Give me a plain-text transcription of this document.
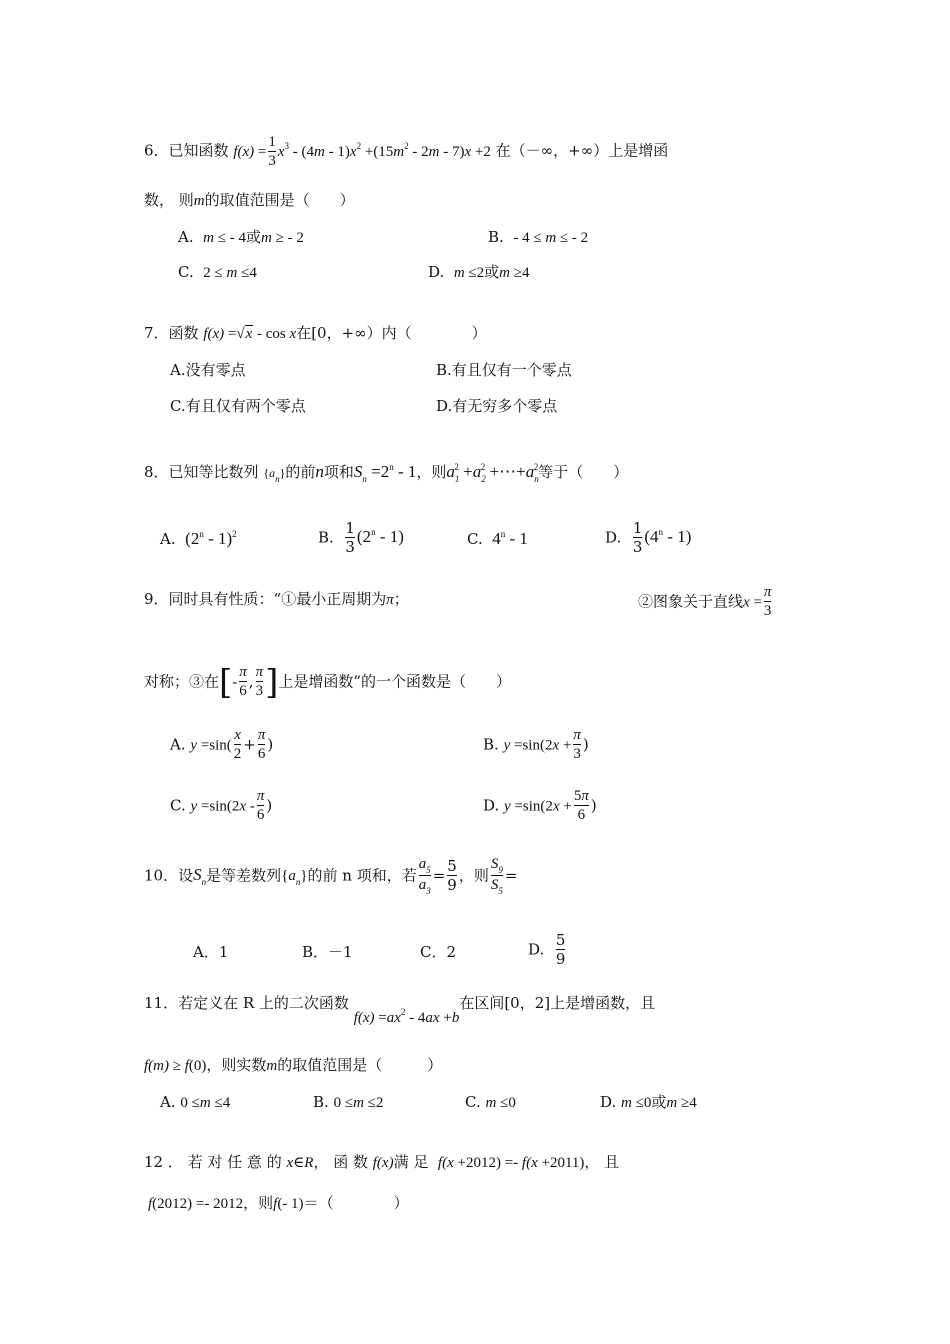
6．已知函数 $f(x) = \frac{1}{3} x^3 - (4m - 1)x^2 +(15m^2 - 2m - 7)x +2$ 在（－∞，+∞）上是增函
数， 则m的取值范围是（　　）
A. m ≤ - 4或m ≥ - 2	B. - 4 ≤ m ≤ - 2
C. 2 ≤ m ≤4	D. m ≤2或m ≥4
7．函数 f(x) =√x - cos x在[0，+∞）内（　　　　）
A.没有零点	B.有且仅有一个零点
C.有且仅有两个零点	D.有无穷多个零点
8．已知等比数列 $\{a_n\}$的前n项和$S_n =2^n - 1$，则$a_1^2 +a_2^2$ $+\cdots+a_n^2$等于（　　）
A. (2$^n$ - 1)$^2$	B. $\frac{1}{3} (2^n - 1)$	C. 4$^n$ - 1	D. $\frac{1}{3} (4^n - 1)$
9．同时具有性质：“①最小正周期为π；	②图象关于直线$x = \frac{\pi}{3}$
对称；③在[- $\frac{\pi}{6}$ , $\frac{\pi}{3}$ ]上是增函数”的一个函数是（　　）
A. $y =\sin( \frac{x}{2} + \frac{\pi}{6}$ )	B. $y =\sin(2x + \frac{\pi}{3}$ )
C. $y =\sin(2x - \frac{\pi}{6}$ )	D. $y =\sin(2x + \frac{5\pi}{6}$ )
10．设$S_n$是等差数列$\{a_n\}$的前 n 项和，若 $\frac{a_5}{a_3} = \frac{5}{9}$ ，则 $\frac{S_9}{S_5}$ =
A．1	B．－1	C．2	D. $\frac{5}{9}$
11．若定义在 R 上的二次函数 $f(x) =ax^2 - 4ax +b$在区间[0，2]上是增函数，且
f(m) ≥ f(0)，则实数m的取值范围是（　　　）
A. 0 ≤m ≤4	B. 0 ≤m ≤2	C. m ≤0	D. m ≤0或m ≥4
12 ． 若 对 任 意 的 x∈R， 函 数 f(x)满 足 f(x +2012) =- f(x +2011)， 且
f(2012) =- 2012，则f(- 1)＝（　　　　）
